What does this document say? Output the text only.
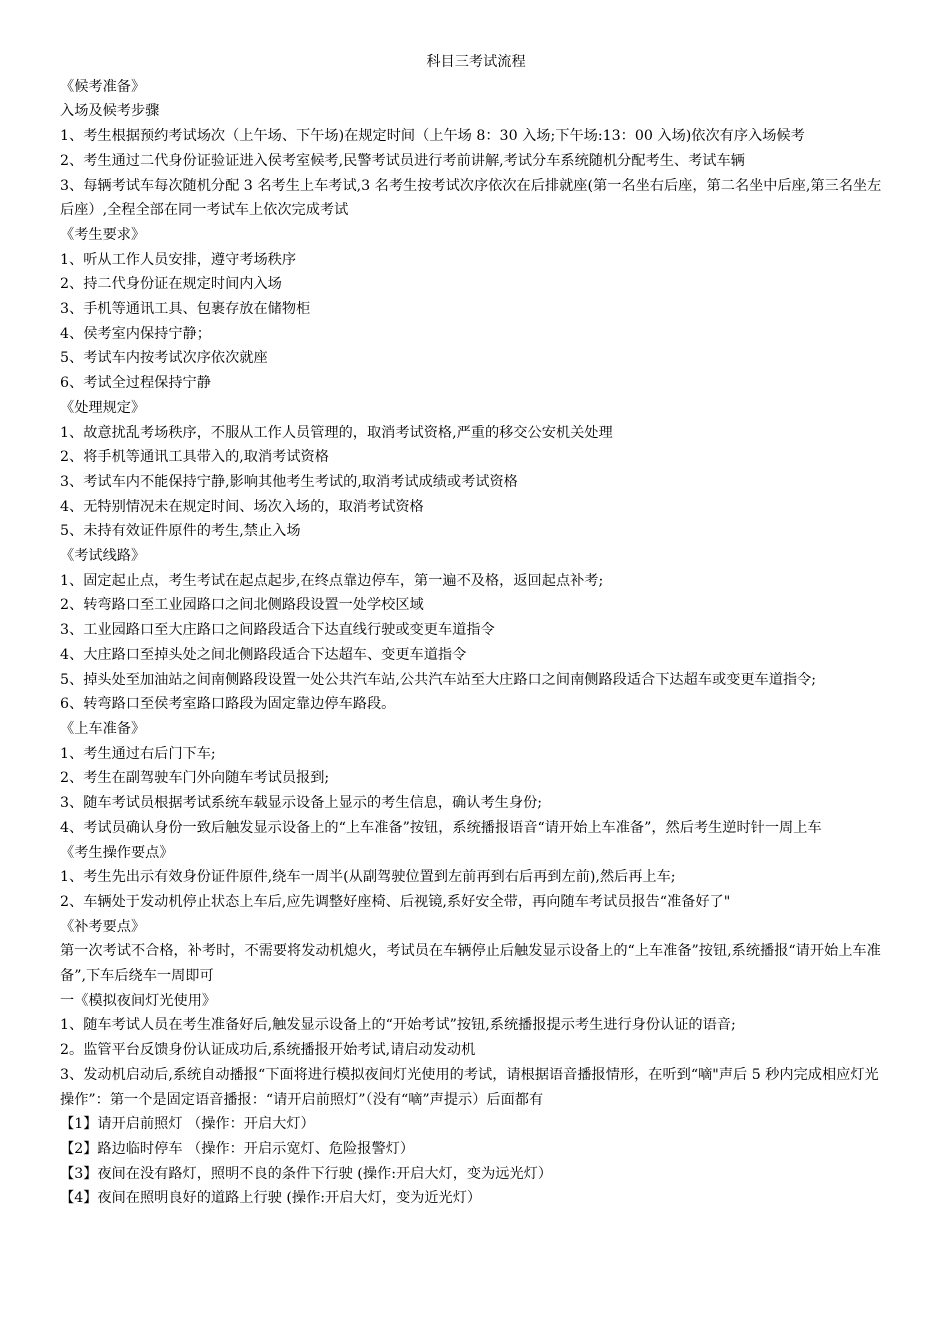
科目三考试流程

《候考准备》

入场及候考步骤

1、考生根据预约考试场次（上午场、下午场)在规定时间（上午场 8：30 入场;下午场:13：00 入场)依次有序入场候考

2、考生通过二代身份证验证进入侯考室候考,民警考试员进行考前讲解,考试分车系统随机分配考生、考试车辆

3、每辆考试车每次随机分配 3 名考生上车考试,3 名考生按考试次序依次在后排就座(第一名坐右后座，第二名坐中后座,第三名坐左后座）,全程全部在同一考试车上依次完成考试

《考生要求》

1、听从工作人员安排，遵守考场秩序

2、持二代身份证在规定时间内入场

3、手机等通讯工具、包裹存放在储物柜

4、侯考室内保持宁静；

5、考试车内按考试次序依次就座

6、考试全过程保持宁静

《处理规定》

1、故意扰乱考场秩序，不服从工作人员管理的，取消考试资格,严重的移交公安机关处理

2、将手机等通讯工具带入的,取消考试资格

3、考试车内不能保持宁静,影响其他考生考试的,取消考试成绩或考试资格

4、无特别情况未在规定时间、场次入场的，取消考试资格

5、未持有效证件原件的考生,禁止入场

《考试线路》

1、固定起止点，考生考试在起点起步,在终点靠边停车，第一遍不及格，返回起点补考;

2、转弯路口至工业园路口之间北侧路段设置一处学校区域

3、工业园路口至大庄路口之间路段适合下达直线行驶或变更车道指令

4、大庄路口至掉头处之间北侧路段适合下达超车、变更车道指令

5、掉头处至加油站之间南侧路段设置一处公共汽车站,公共汽车站至大庄路口之间南侧路段适合下达超车或变更车道指令;

6、转弯路口至侯考室路口路段为固定靠边停车路段。

《上车准备》

1、考生通过右后门下车;

2、考生在副驾驶车门外向随车考试员报到;

3、随车考试员根据考试系统车载显示设备上显示的考生信息，确认考生身份;

4、考试员确认身份一致后触发显示设备上的“上车准备”按钮，系统播报语音“请开始上车准备”，然后考生逆时针一周上车

《考生操作要点》

1、考生先出示有效身份证件原件,绕车一周半(从副驾驶位置到左前再到右后再到左前),然后再上车;

2、车辆处于发动机停止状态上车后,应先调整好座椅、后视镜,系好安全带，再向随车考试员报告“准备好了"

《补考要点》

第一次考试不合格，补考时，不需要将发动机熄火，考试员在车辆停止后触发显示设备上的“上车准备”按钮,系统播报“请开始上车准备”,下车后绕车一周即可

一《模拟夜间灯光使用》

1、随车考试人员在考生准备好后,触发显示设备上的“开始考试”按钮,系统播报提示考生进行身份认证的语音;

2。监管平台反馈身份认证成功后,系统播报开始考试,请启动发动机

3、发动机启动后,系统自动播报“下面将进行模拟夜间灯光使用的考试，请根据语音播报情形，在听到“嘀"声后 5 秒内完成相应灯光操作”：第一个是固定语音播报：“请开启前照灯”（没有“嘀”声提示）后面都有

【1】请开启前照灯 （操作：开启大灯）

【2】路边临时停车 （操作：开启示宽灯、危险报警灯）

【3】夜间在没有路灯，照明不良的条件下行驶 (操作:开启大灯，变为远光灯）

【4】夜间在照明良好的道路上行驶 (操作:开启大灯，变为近光灯）
